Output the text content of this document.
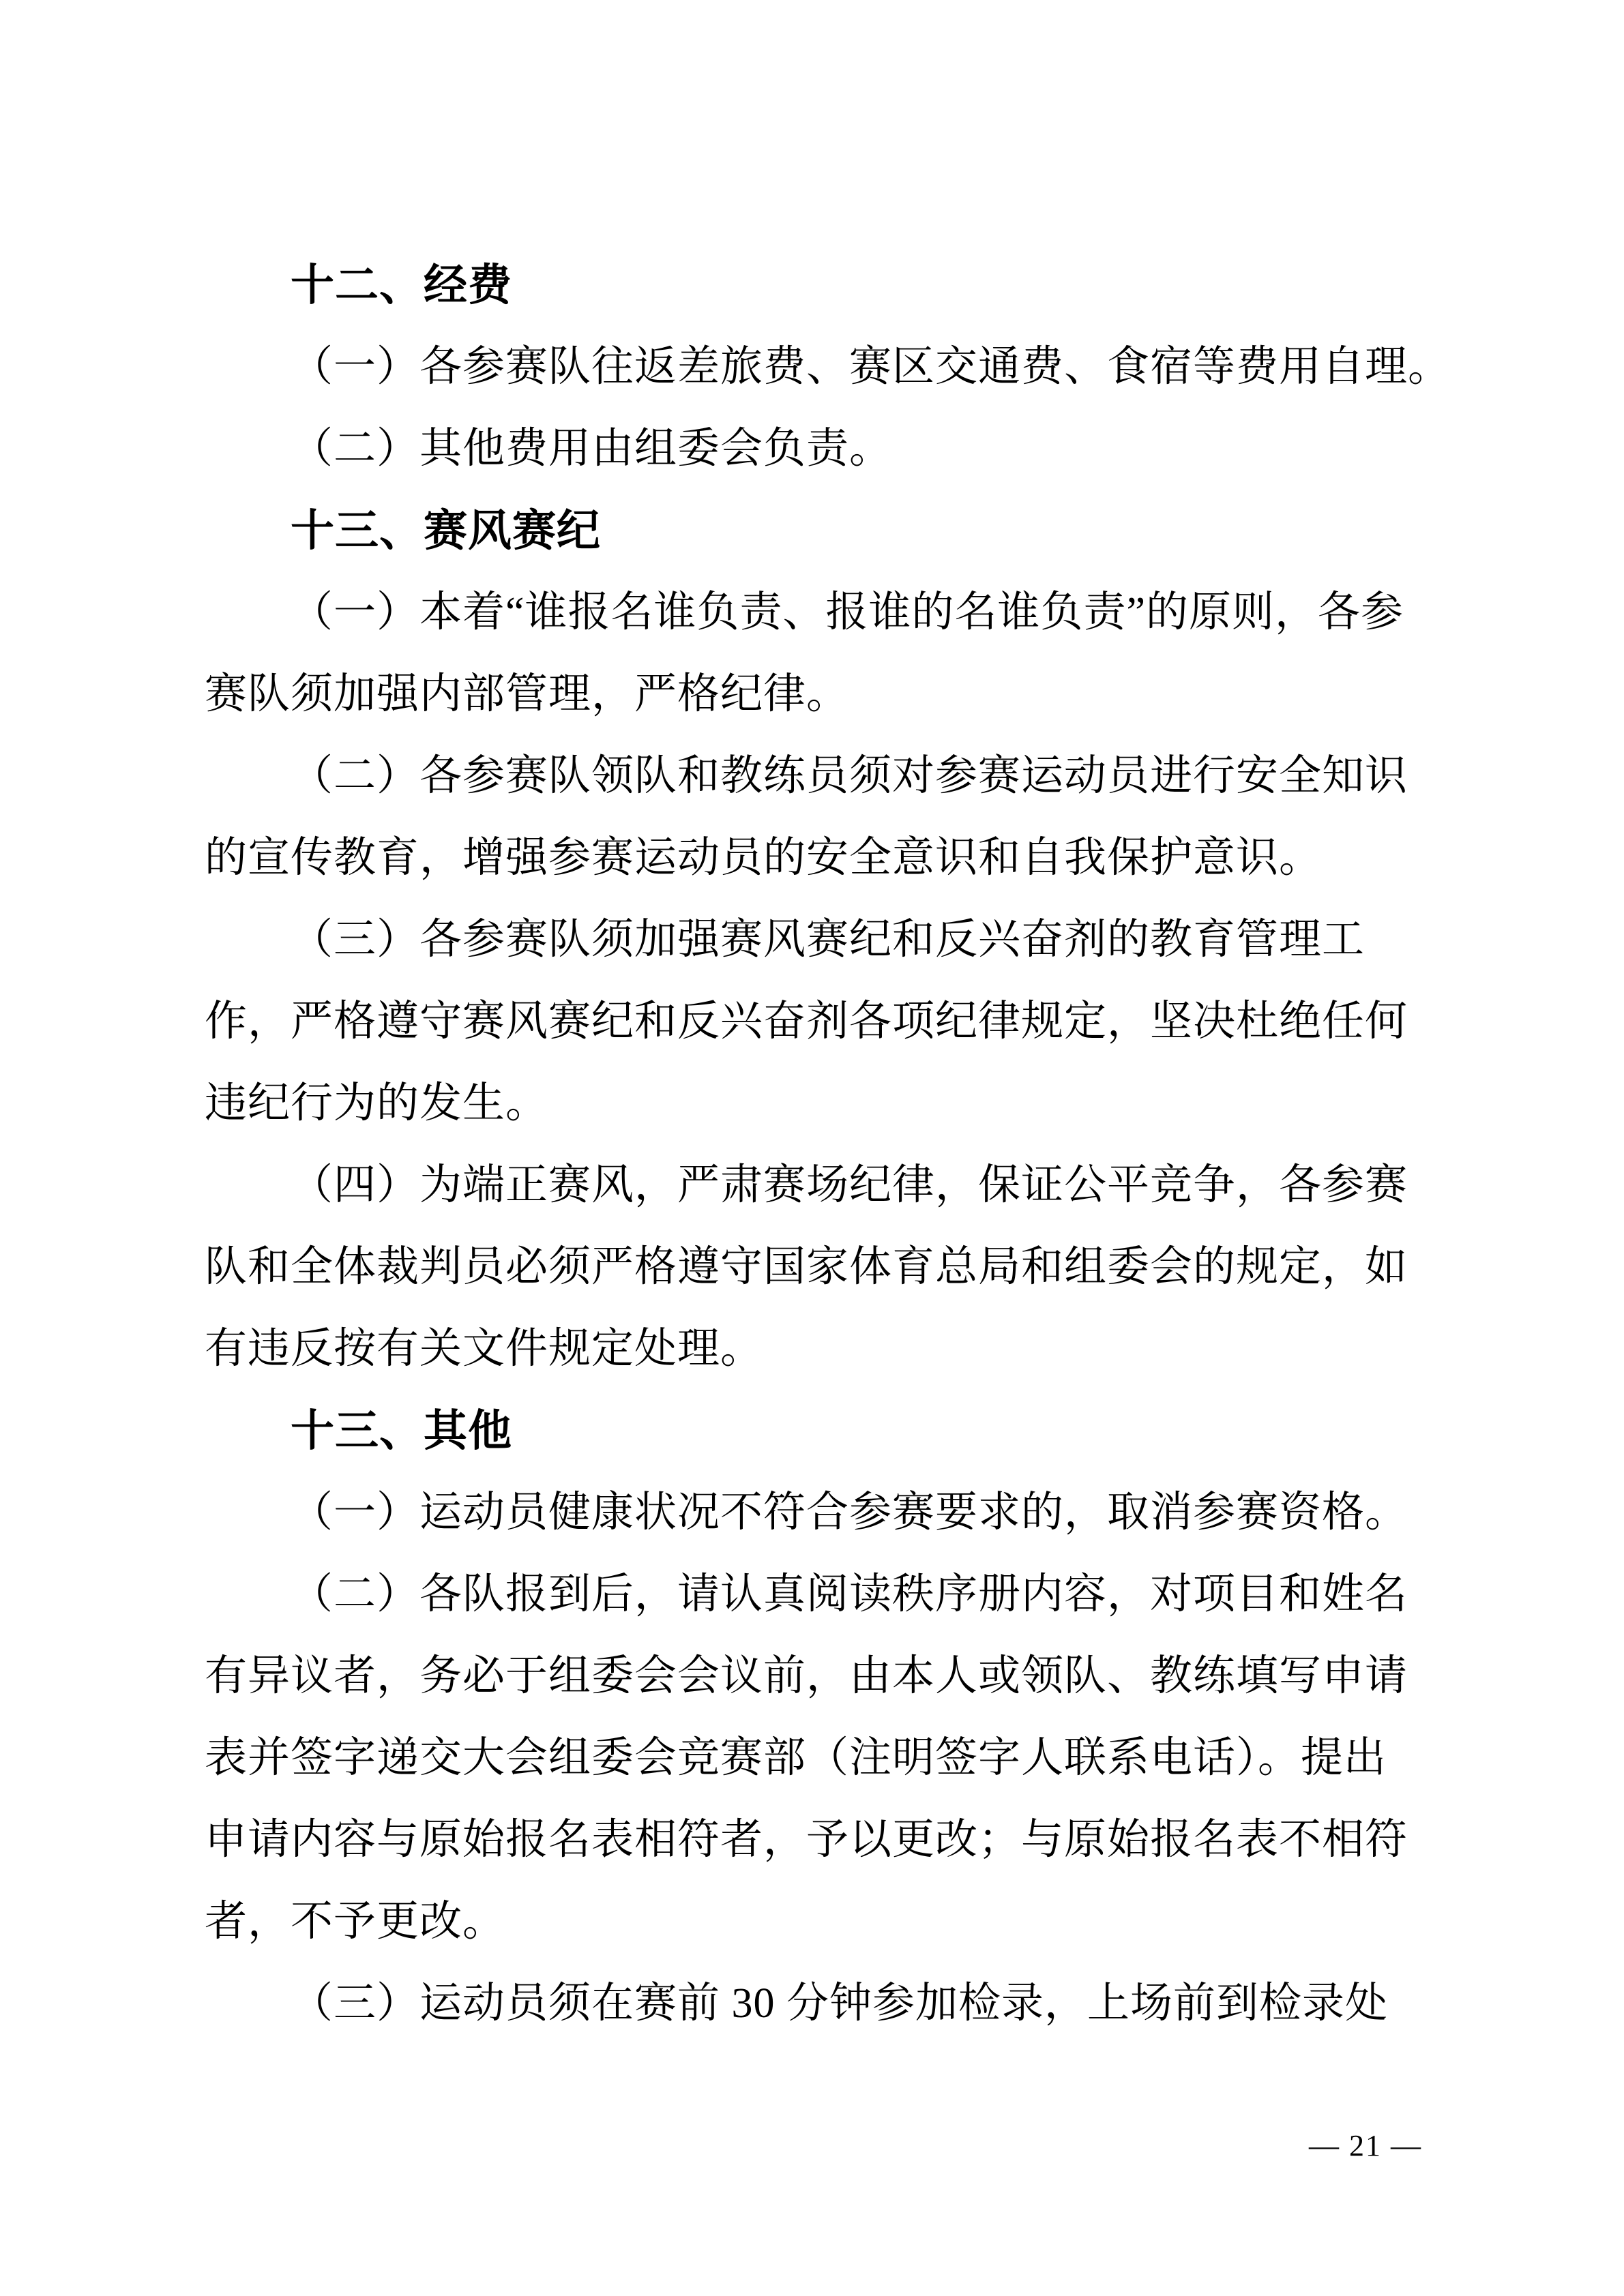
十二、经费
（一）各参赛队往返差旅费、赛区交通费、食宿等费用自理。
（二）其他费用由组委会负责。
十三、赛风赛纪
（一）本着“谁报名谁负责、报谁的名谁负责”的原则，各参
赛队须加强内部管理，严格纪律。
（二）各参赛队领队和教练员须对参赛运动员进行安全知识
的宣传教育，增强参赛运动员的安全意识和自我保护意识。
（三）各参赛队须加强赛风赛纪和反兴奋剂的教育管理工
作，严格遵守赛风赛纪和反兴奋剂各项纪律规定，坚决杜绝任何
违纪行为的发生。
（四）为端正赛风，严肃赛场纪律，保证公平竞争，各参赛
队和全体裁判员必须严格遵守国家体育总局和组委会的规定，如
有违反按有关文件规定处理。
十三、其他
（一）运动员健康状况不符合参赛要求的，取消参赛资格。
（二）各队报到后，请认真阅读秩序册内容，对项目和姓名
有异议者，务必于组委会会议前，由本人或领队、教练填写申请
表并签字递交大会组委会竞赛部（注明签字人联系电话）。提出
申请内容与原始报名表相符者，予以更改；与原始报名表不相符
者，不予更改。
（三）运动员须在赛前 30 分钟参加检录，上场前到检录处
— 21 —
